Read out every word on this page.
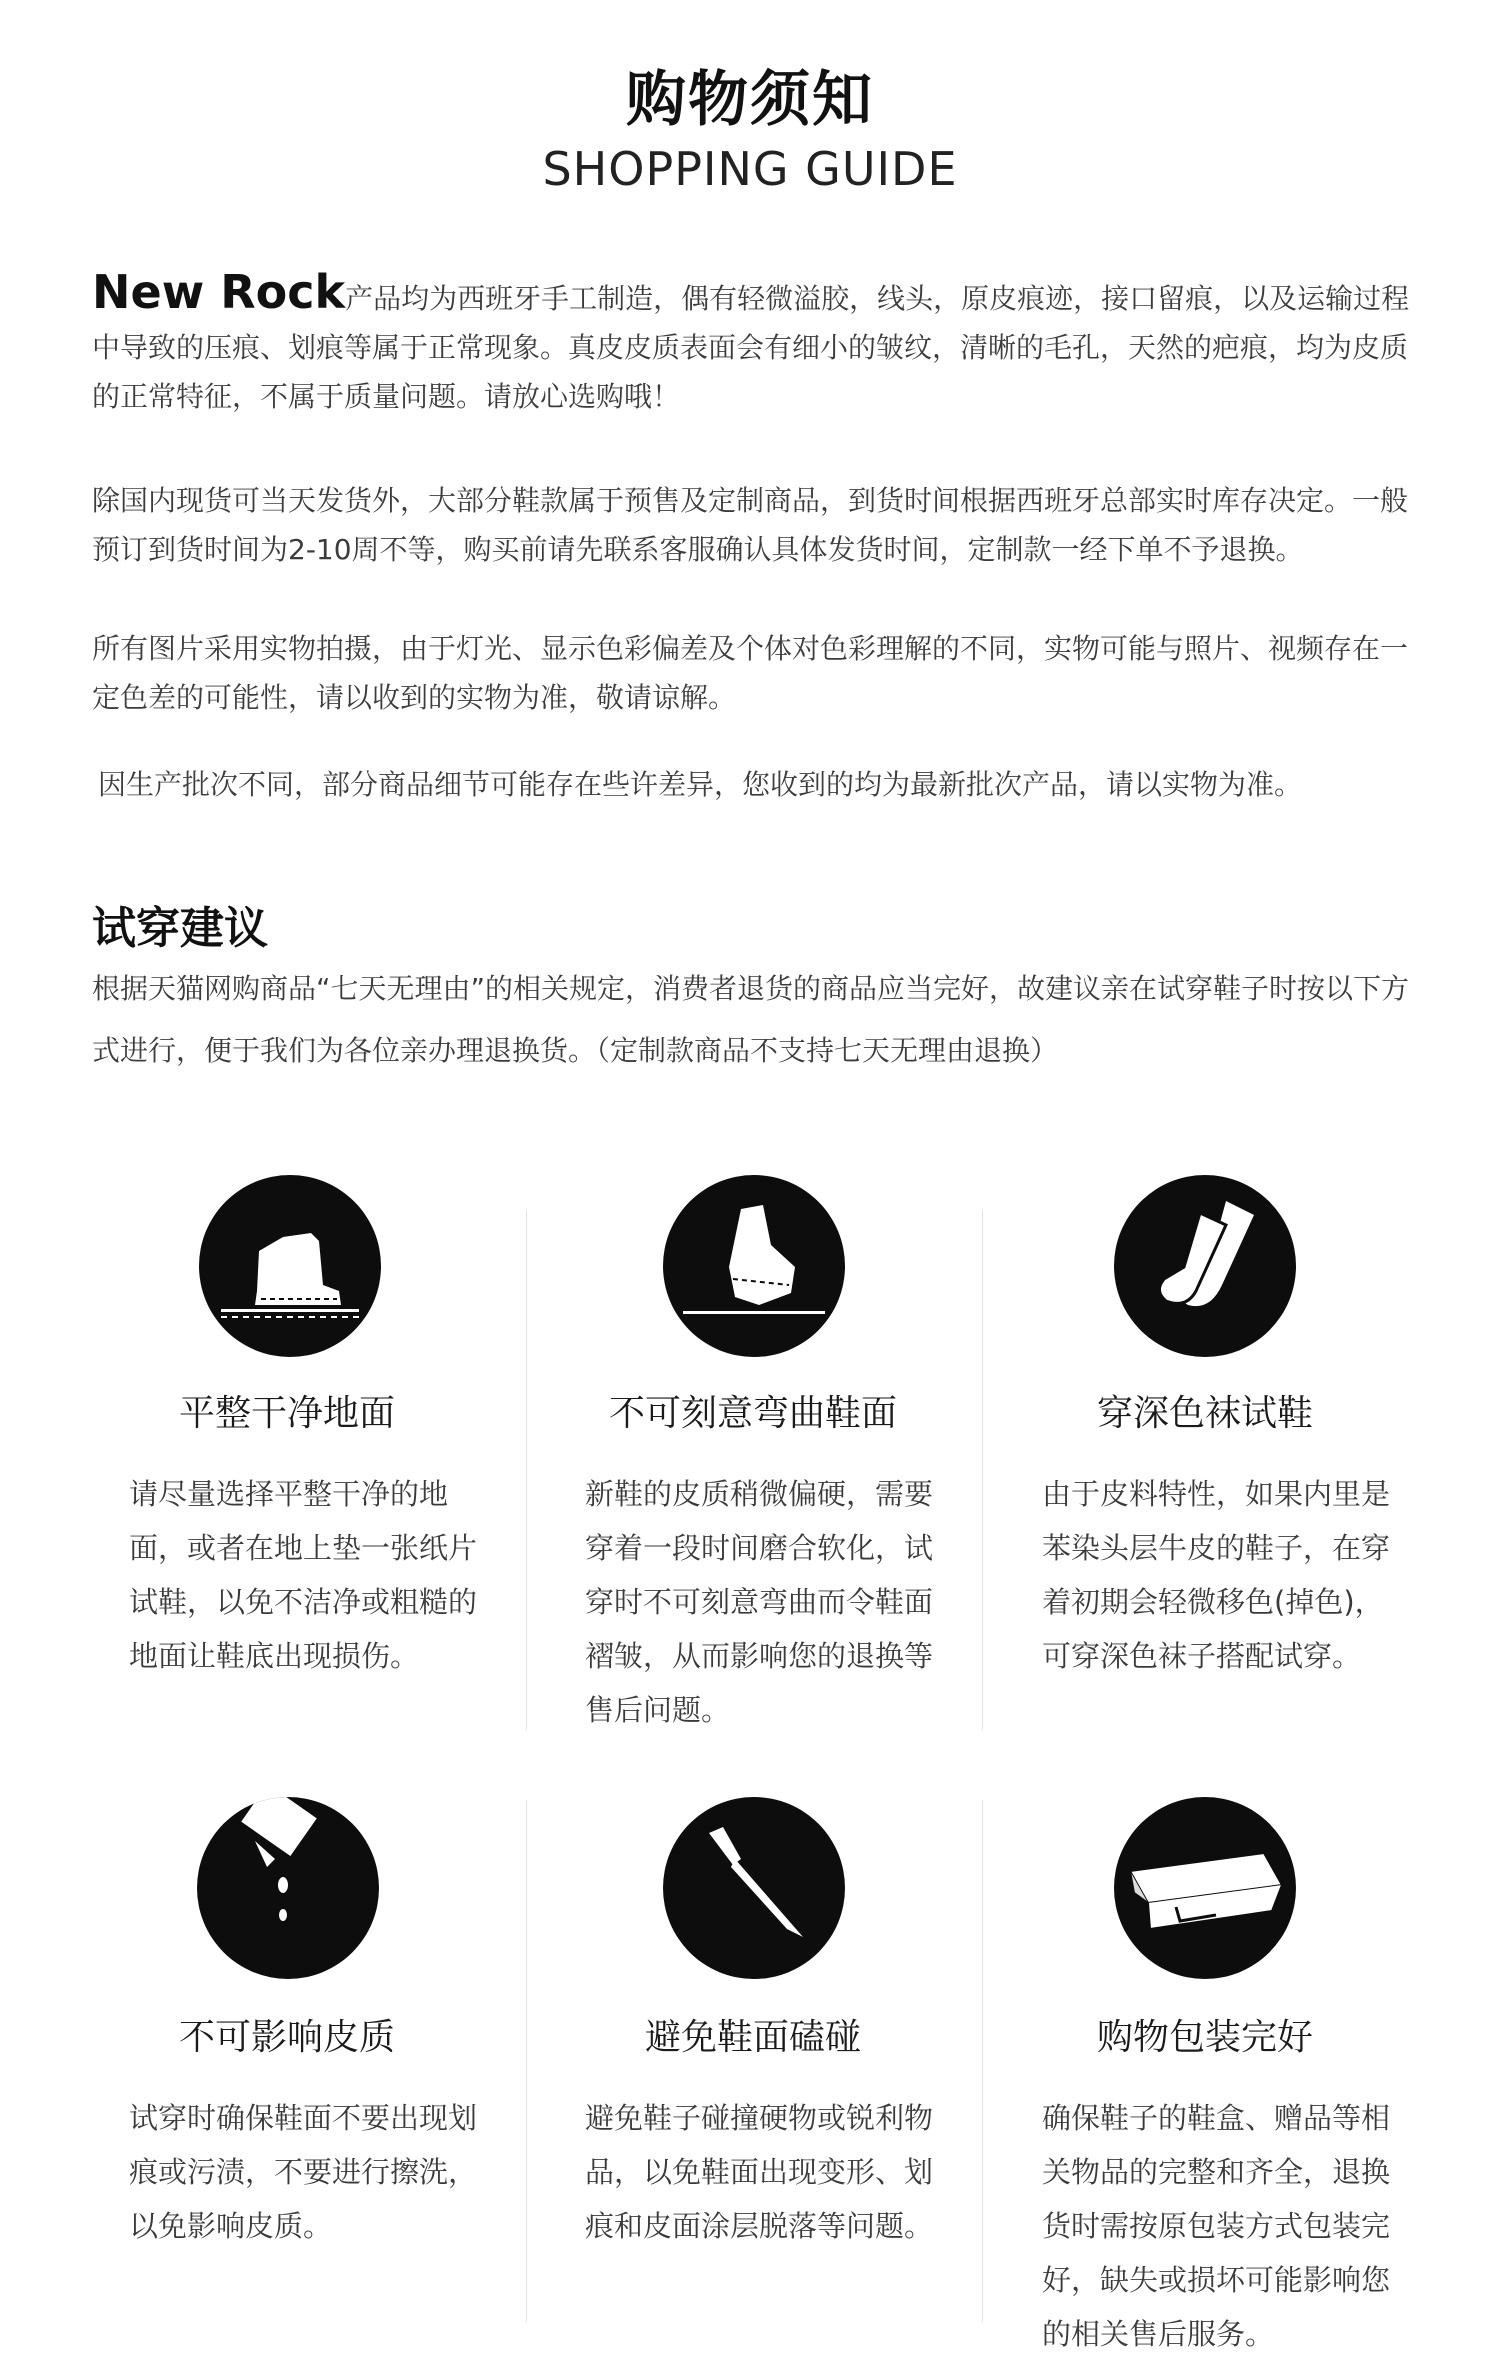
购物须知
SHOPPING GUIDE

New Rock产品均为西班牙手工制造，偶有轻微溢胶，线头，原皮痕迹，接口留痕，以及运输过程中导致的压痕、划痕等属于正常现象。真皮皮质表面会有细小的皱纹，清晰的毛孔，天然的疤痕，均为皮质的正常特征，不属于质量问题。请放心选购哦！

除国内现货可当天发货外，大部分鞋款属于预售及定制商品，到货时间根据西班牙总部实时库存决定。一般预订到货时间为2-10周不等，购买前请先联系客服确认具体发货时间，定制款一经下单不予退换。

所有图片采用实物拍摄，由于灯光、显示色彩偏差及个体对色彩理解的不同，实物可能与照片、视频存在一定色差的可能性，请以收到的实物为准，敬请谅解。

因生产批次不同，部分商品细节可能存在些许差异，您收到的均为最新批次产品，请以实物为准。

试穿建议

根据天猫网购商品“七天无理由”的相关规定，消费者退货的商品应当完好，故建议亲在试穿鞋子时按以下方式进行，便于我们为各位亲办理退换货。（定制款商品不支持七天无理由退换）

平整干净地面

请尽量选择平整干净的地面，或者在地上垫一张纸片试鞋，以免不洁净或粗糙的地面让鞋底出现损伤。

不可刻意弯曲鞋面

新鞋的皮质稍微偏硬，需要穿着一段时间磨合软化，试穿时不可刻意弯曲而令鞋面褶皱，从而影响您的退换等售后问题。

穿深色袜试鞋

由于皮料特性，如果内里是苯染头层牛皮的鞋子，在穿着初期会轻微移色(掉色)，可穿深色袜子搭配试穿。

不可影响皮质

试穿时确保鞋面不要出现划痕或污渍，不要进行擦洗，以免影响皮质。

避免鞋面磕碰

避免鞋子碰撞硬物或锐利物品，以免鞋面出现变形、划痕和皮面涂层脱落等问题。

购物包装完好

确保鞋子的鞋盒、赠品等相关物品的完整和齐全，退换货时需按原包装方式包装完好，缺失或损坏可能影响您的相关售后服务。
